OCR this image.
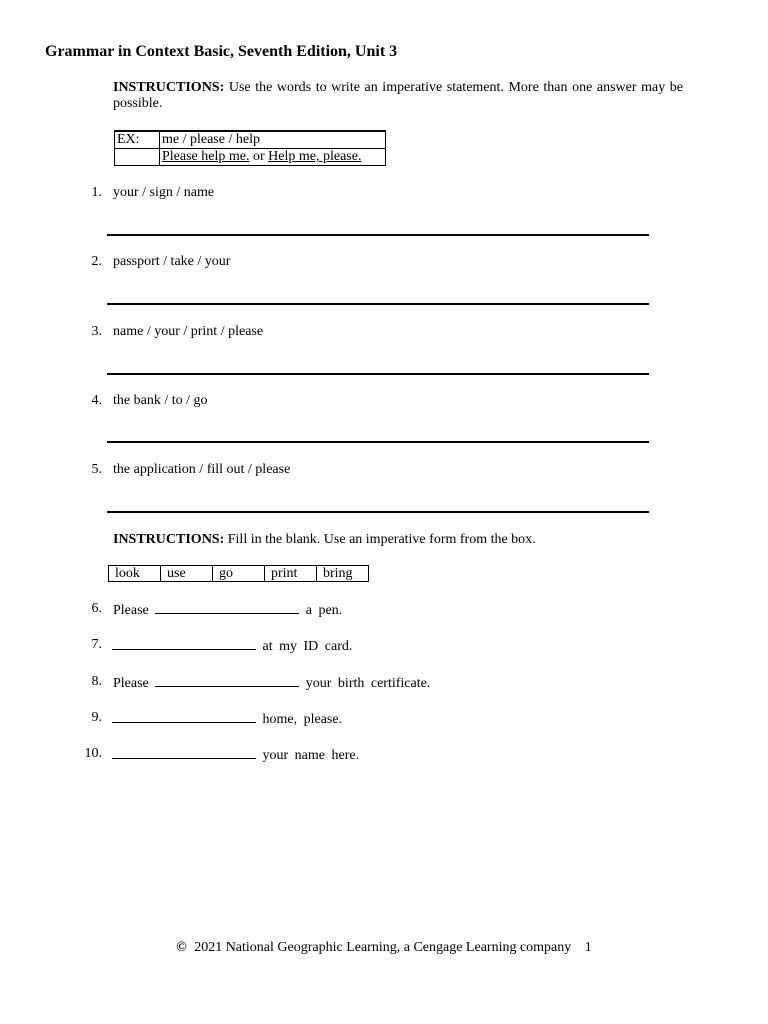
Grammar in Context Basic, Seventh Edition, Unit 3
INSTRUCTIONS: Use the words to write an imperative statement. More than one answer may be possible.
EX:	me / please / help
	Please help me. or Help me, please.
1. your / sign / name
2. passport / take / your
3. name / your / print / please
4. the bank / to / go
5. the application / fill out / please
INSTRUCTIONS: Fill in the blank. Use an imperative form from the box.
look	use	go	print	bring
6. Please	a pen.
7.	at my ID card.
8. Please	your birth certificate.
9.	home, please.
10.	your name here.
© 2021 National Geographic Learning, a Cengage Learning company 1
